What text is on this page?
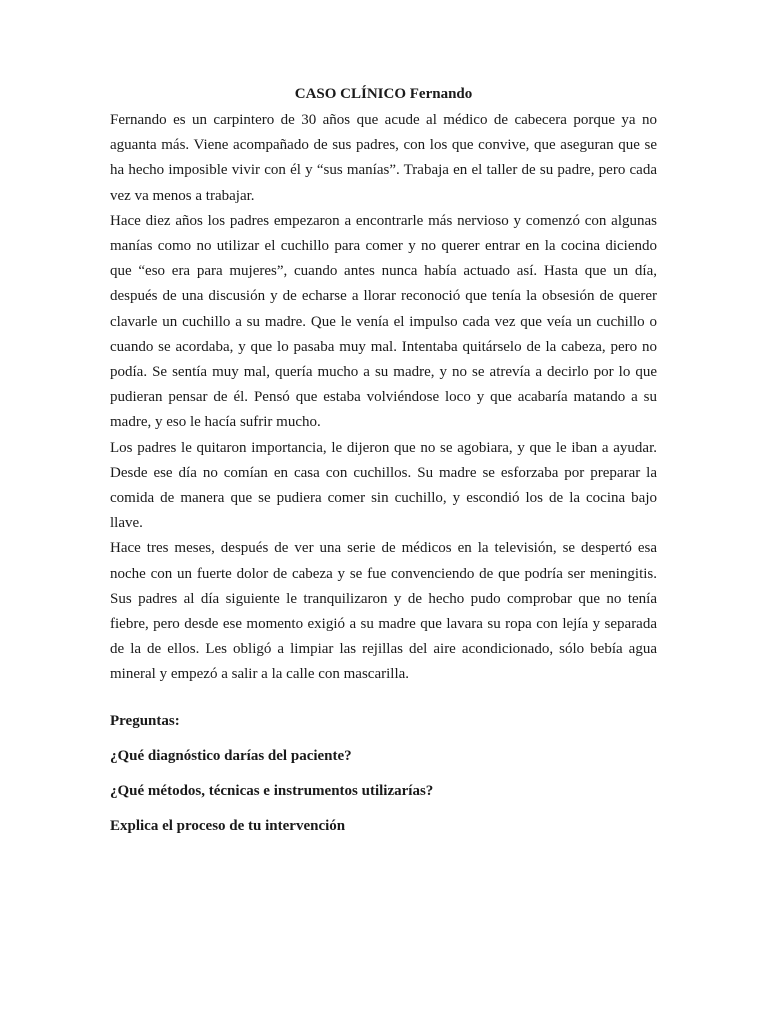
CASO CLÍNICO Fernando

Fernando es un carpintero de 30 años que acude al médico de cabecera porque ya no aguanta más. Viene acompañado de sus padres, con los que convive, que aseguran que se ha hecho imposible vivir con él y “sus manías”. Trabaja en el taller de su padre, pero cada vez va menos a trabajar.

Hace diez años los padres empezaron a encontrarle más nervioso y comenzó con algunas manías como no utilizar el cuchillo para comer y no querer entrar en la cocina diciendo que “eso era para mujeres”, cuando antes nunca había actuado así. Hasta que un día, después de una discusión y de echarse a llorar reconoció que tenía la obsesión de querer clavarle un cuchillo a su madre. Que le venía el impulso cada vez que veía un cuchillo o cuando se acordaba, y que lo pasaba muy mal. Intentaba quitárselo de la cabeza, pero no podía. Se sentía muy mal, quería mucho a su madre, y no se atrevía a decirlo por lo que pudieran pensar de él. Pensó que estaba volviéndose loco y que acabaría matando a su madre, y eso le hacía sufrir mucho.

Los padres le quitaron importancia, le dijeron que no se agobiara, y que le iban a ayudar. Desde ese día no comían en casa con cuchillos. Su madre se esforzaba por preparar la comida de manera que se pudiera comer sin cuchillo, y escondió los de la cocina bajo llave.

Hace tres meses, después de ver una serie de médicos en la televisión, se despertó esa noche con un fuerte dolor de cabeza y se fue convenciendo de que podría ser meningitis. Sus padres al día siguiente le tranquilizaron y de hecho pudo comprobar que no tenía fiebre, pero desde ese momento exigió a su madre que lavara su ropa con lejía y separada de la de ellos. Les obligó a limpiar las rejillas del aire acondicionado, sólo bebía agua mineral y empezó a salir a la calle con mascarilla.

Preguntas:

¿Qué diagnóstico darías del paciente?

¿Qué métodos, técnicas e instrumentos utilizarías?

Explica el proceso de tu intervención
